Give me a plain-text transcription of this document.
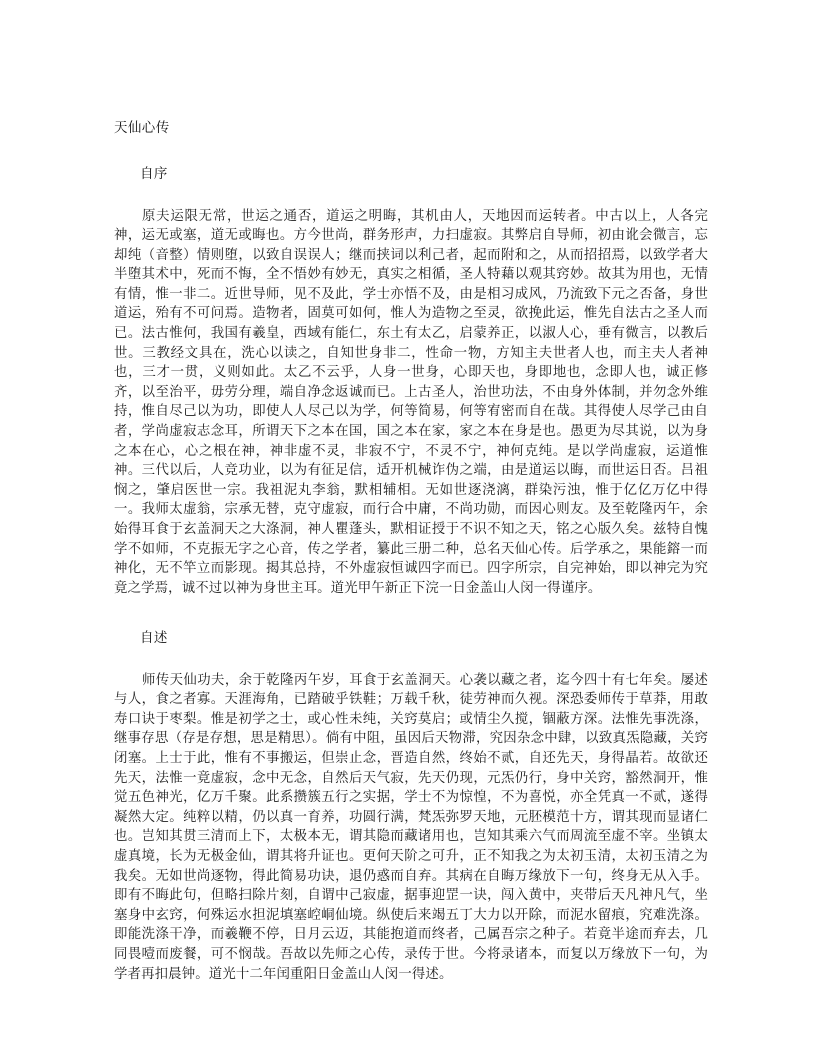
天仙心传
自序

原夫运限无常，世运之通否，道运之明晦，其机由人，天地因而运转者。中古以上，人各完神，运无或塞，道无或晦也。方今世尚，群务形声，力扫虚寂。其弊启自导师，初由讹会微言，忘却纯（音整）情则堕，以致自误误人；继而挟词以利己者，起而附和之，从而招招焉，以致学者大半堕其术中，死而不悔，全不悟妙有妙无，真实之相循，圣人特藉以观其窍妙。故其为用也，无情有情，惟一非二。近世导师，见不及此，学士亦悟不及，由是相习成风，乃流致下元之否备，身世道运，殆有不可问焉。造物者，固莫可如何，惟人为造物之至灵，欲挽此运，惟先自法古之圣人而已。法古惟何，我国有羲皇，西域有能仁，东土有太乙，启蒙养正，以淑人心，垂有微言，以教后世。三教经文具在，洗心以读之，自知世身非二，性命一物，方知主夫世者人也，而主夫人者神也，三才一贯，义则如此。太乙不云乎，人身一世身，心即天也，身即地也，念即人也，诚正修齐，以至治平，毋劳分理，端自净念返诚而已。上古圣人，治世功法，不由身外体制，并勿念外维持，惟自尽己以为功，即使人人尽己以为学，何等简易，何等宥密而自在哉。其得使人尽学己由自者，学尚虚寂志念耳，所谓天下之本在国，国之本在家，家之本在身是也。愚更为尽其说，以为身之本在心，心之根在神，神非虚不灵，非寂不宁，不灵不宁，神何克纯。是以学尚虚寂，运道惟神。三代以后，人竞功业，以为有征足信，适开机械诈伪之端，由是道运以晦，而世运日否。吕祖悯之，肇启医世一宗。我祖泥丸李翁，默相辅相。无如世逐浇漓，群染污浊，惟于亿亿万亿中得一。我师太虚翁，宗承无替，克守虚寂，而行合中庸，不尚功勋，而因心则友。及至乾隆丙午，余始得耳食于玄盖洞天之大涤洞，神人瞿蓬头，默相证授于不识不知之天，铭之心版久矣。兹特自愧学不如师，不克振无字之心音，传之学者，纂此三册二种，总名天仙心传。后学承之，果能鎔一而神化，无不竿立而影现。揭其总持，不外虚寂恒诚四字而已。四字所宗，自完神始，即以神完为究竟之学焉，诚不过以神为身世主耳。道光甲午新正下浣一日金盖山人闵一得谨序。

自述

师传天仙功夫，余于乾隆丙午岁，耳食于玄盖洞天。心袭以藏之者，迄今四十有七年矣。屡述与人，食之者寡。天涯海角，已踏破乎铁鞋；万载千秋，徒劳神而久视。深恐委师传于草莽，用敢寿口诀于枣梨。惟是初学之士，或心性未纯，关窍莫启；或情尘久搅，锢蔽方深。法惟先事洗涤，继事存思（存是存想，思是精思）。倘有中阻，虽因后天物滞，究因杂念中肆，以致真炁隐藏，关窍闭塞。上士于此，惟有不事搬运，但崇止念，晋造自然，终始不贰，自还先天，身得晶若。故欲还先天，法惟一竟虚寂，念中无念，自然后天气寂，先天仍现，元炁仍行，身中关窍，豁然洞开，惟觉五色神光，亿万千聚。此系攒簇五行之实据，学士不为惊惶，不为喜悦，亦全凭真一不贰，遂得凝然大定。纯粹以精，仍以真一育养，功圆行满，梵炁弥罗天地，元胚模范十方，谓其现而显诸仁也。岂知其贯三清而上下，太极本无，谓其隐而藏诸用也，岂知其乘六气而周流至虚不宰。坐镇太虚真境，长为无极金仙，谓其将升证也。更何天阶之可升，正不知我之为太初玉清，太初玉清之为我矣。无如世尚逐物，得此简易功诀，退仍惑而自弃。其病在自晦万缘放下一句，终身无从入手。即有不晦此句，但略扫除片刻，自谓中己寂虚，据事迎罡一诀，闯入黄中，夹带后天凡神凡气，坐塞身中玄窍，何殊运水担泥填塞崆峒仙境。纵使后来竭五丁大力以开除，而泥水留痕，究难洗涤。即能洗涤干净，而羲鞭不停，日月云迈，其能抱道而终者，己属吾宗之种子。若竟半途而弃去，几同畏噎而废餐，可不悯哉。吾故以先师之心传，录传于世。今将录诸本，而复以万缘放下一句，为学者再扣晨钟。道光十二年闰重阳日金盖山人闵一得述。
